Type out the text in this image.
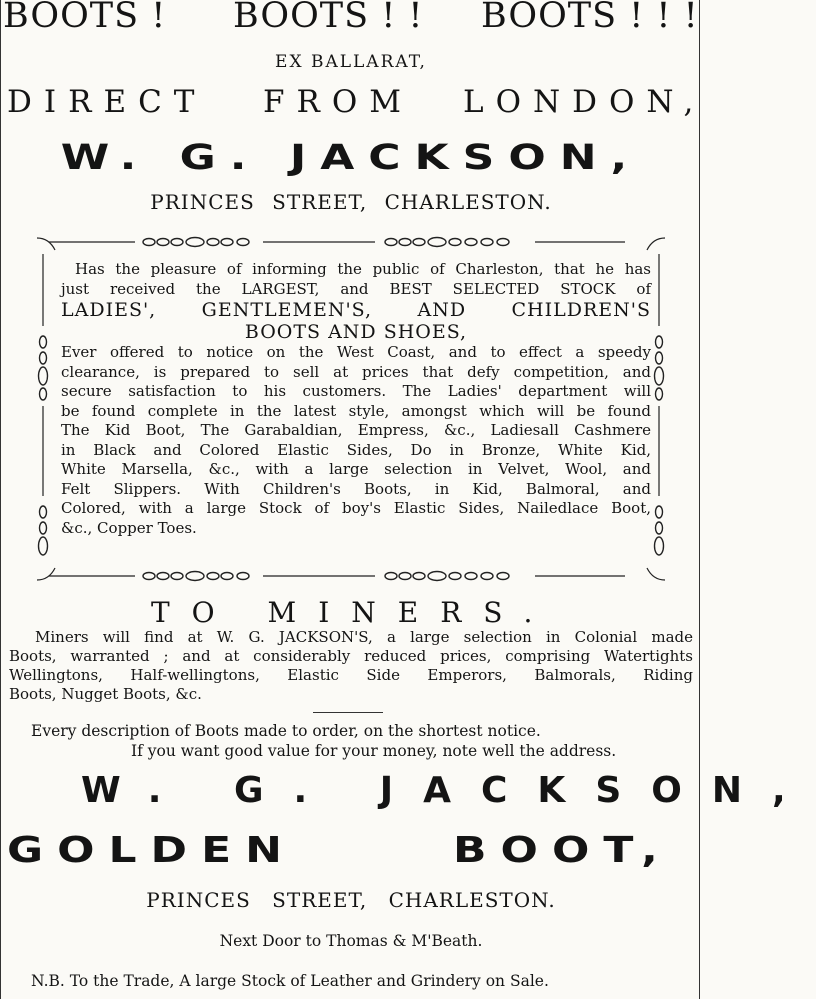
BOOTS ! BOOTS ! ! BOOTS ! ! !
EX BALLARAT,
DIRECT FROM LONDON,
W. G. JACKSON,
PRINCES STREET, CHARLESTON.

Has the pleasure of informing the public of Charleston, that he has

just received the LARGEST, and BEST SELECTED STOCK of

LADIES', GENTLEMEN'S, AND CHILDREN'S

BOOTS AND SHOES,

Ever offered to notice on the West Coast, and to effect a speedy

clearance, is prepared to sell at prices that defy competition, and

secure satisfaction to his customers. The Ladies' department will

be found complete in the latest style, amongst which will be found

The Kid Boot, The Garabaldian, Empress, &c., Ladiesall Cashmere

in Black and Colored Elastic Sides, Do in Bronze, White Kid,

White Marsella, &c., with a large selection in Velvet, Wool, and

Felt Slippers. With Children's Boots, in Kid, Balmoral, and

Colored, with a large Stock of boy's Elastic Sides, Nailedlace Boot,

&c., Copper Toes.

TO MINERS.

Miners will find at W. G. JACKSON'S, a large selection in Colonial made

Boots, warranted ; and at considerably reduced prices, comprising Watertights

Wellingtons, Half-wellingtons, Elastic Side Emperors, Balmorals, Riding

Boots, Nugget Boots, &c.

Every description of Boots made to order, on the shortest notice.
If you want good value for your money, note well the address.
W. G. JACKSON,
GOLDEN	BOOT,
PRINCES STREET, CHARLESTON.
Next Door to Thomas & M'Beath.
N.B. To the Trade, A large Stock of Leather and Grindery on Sale.
